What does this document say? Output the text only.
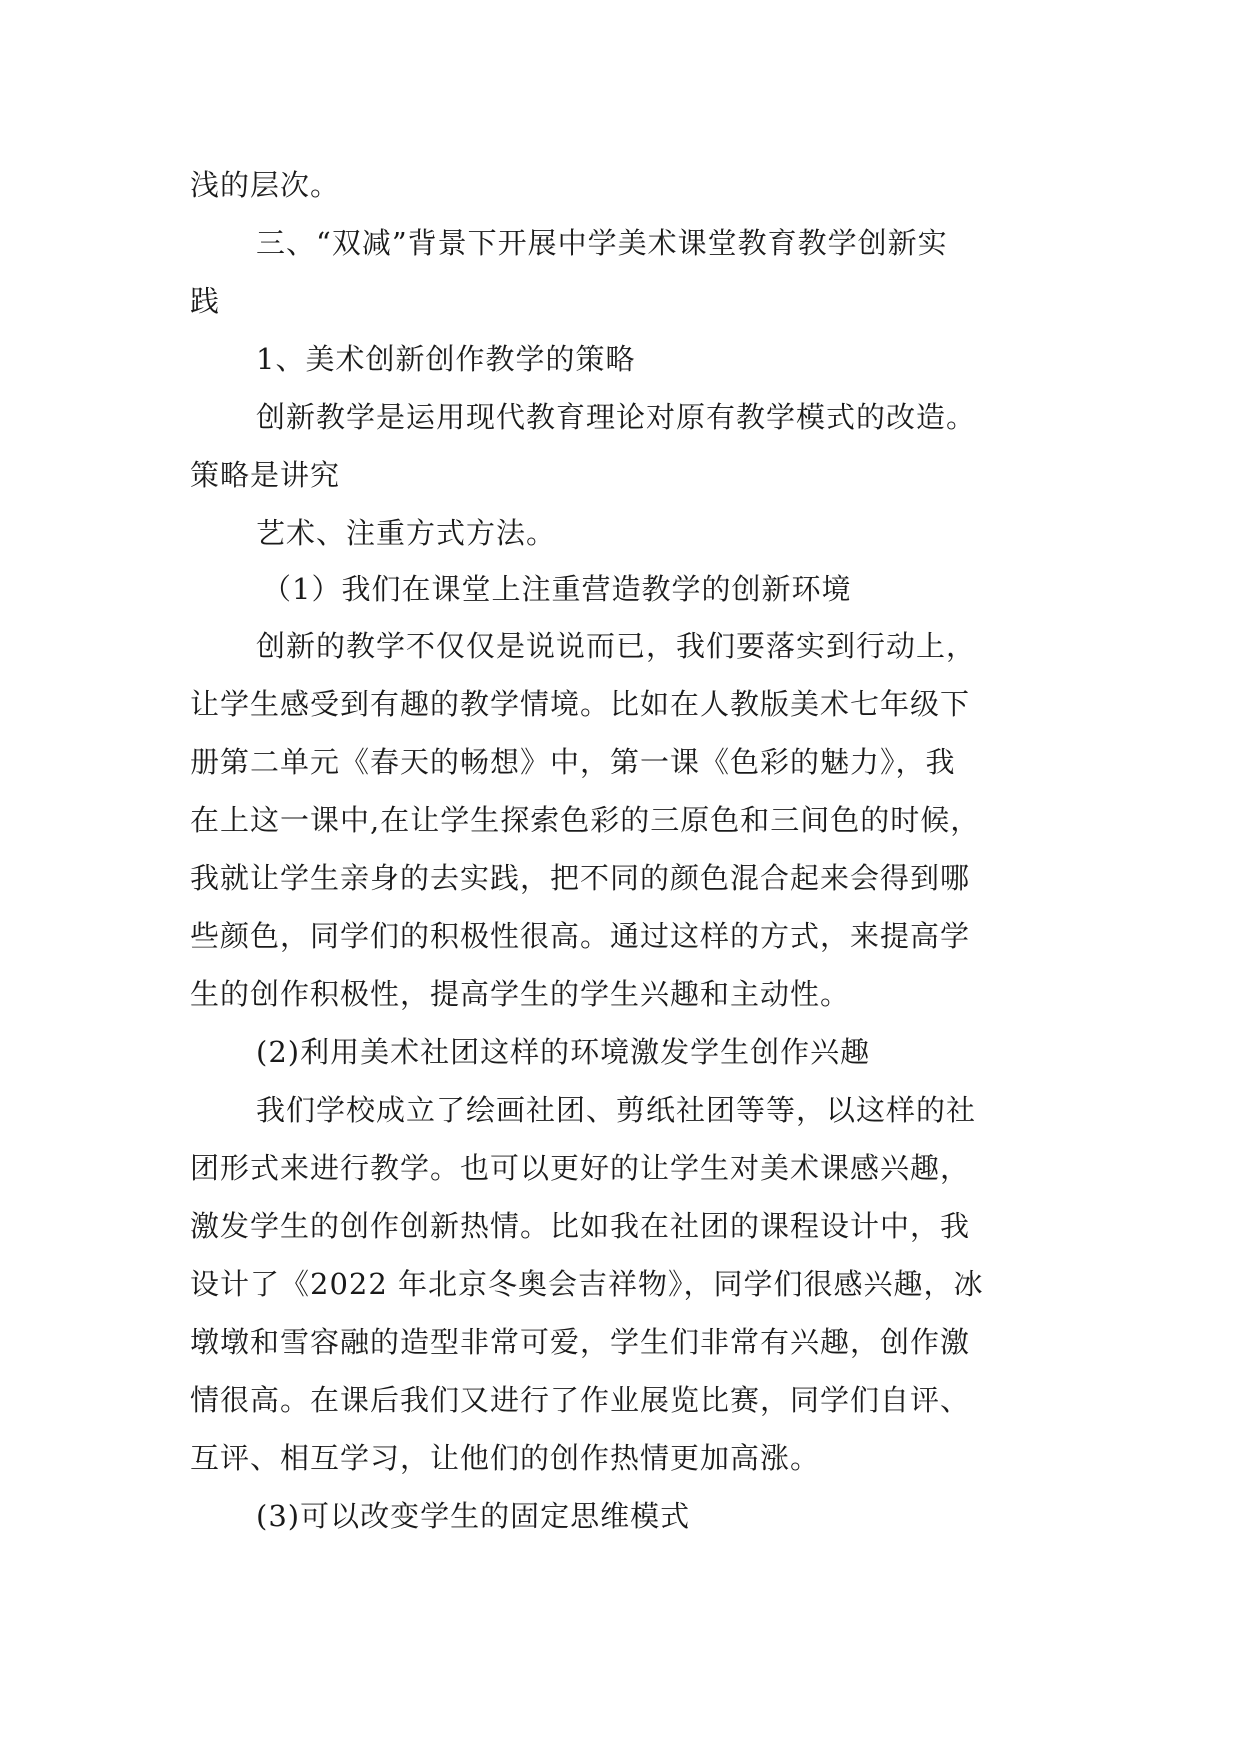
浅的层次。
三、“双减”背景下开展中学美术课堂教育教学创新实
践
1、美术创新创作教学的策略
创新教学是运用现代教育理论对原有教学模式的改造。
策略是讲究
艺术、注重方式方法。
（1）我们在课堂上注重营造教学的创新环境
创新的教学不仅仅是说说而已，我们要落实到行动上，
让学生感受到有趣的教学情境。比如在人教版美术七年级下
册第二单元《春天的畅想》中，第一课《色彩的魅力》，我
在上这一课中,在让学生探索色彩的三原色和三间色的时候，
我就让学生亲身的去实践，把不同的颜色混合起来会得到哪
些颜色，同学们的积极性很高。通过这样的方式，来提高学
生的创作积极性，提高学生的学生兴趣和主动性。
(2)利用美术社团这样的环境激发学生创作兴趣
我们学校成立了绘画社团、剪纸社团等等，以这样的社
团形式来进行教学。也可以更好的让学生对美术课感兴趣，
激发学生的创作创新热情。比如我在社团的课程设计中，我
设计了《2022 年北京冬奥会吉祥物》，同学们很感兴趣，冰
墩墩和雪容融的造型非常可爱，学生们非常有兴趣，创作激
情很高。在课后我们又进行了作业展览比赛，同学们自评、
互评、相互学习，让他们的创作热情更加高涨。
(3)可以改变学生的固定思维模式
